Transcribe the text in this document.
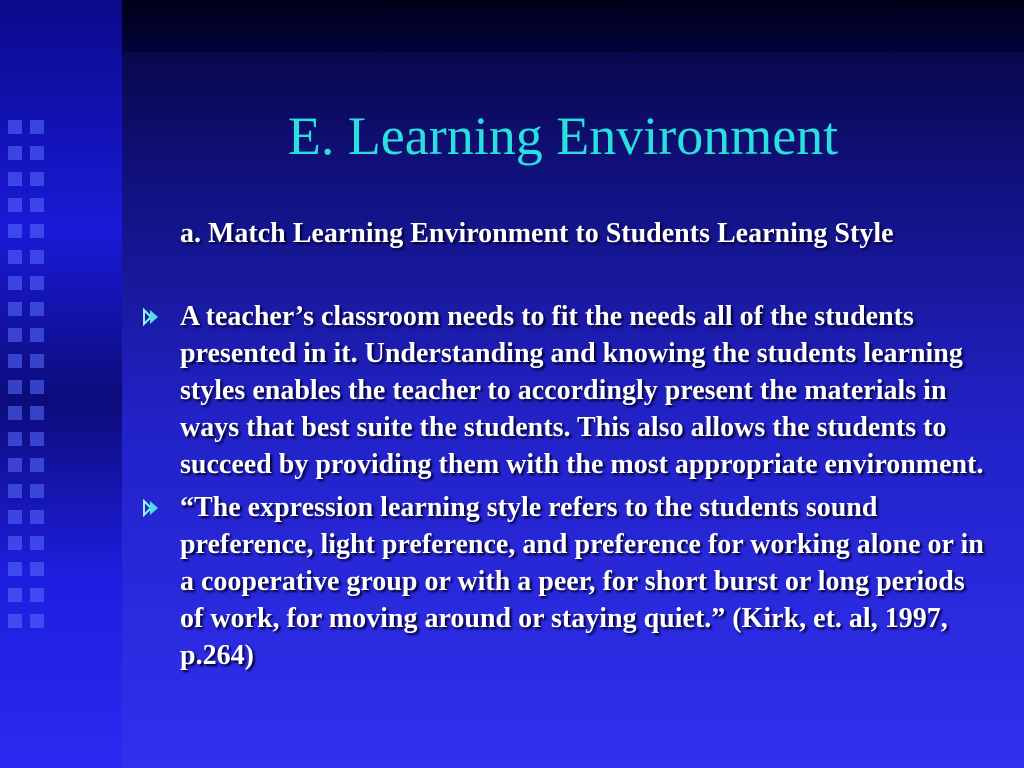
E. Learning Environment
a. Match Learning Environment to Students Learning Style
A teacher’s classroom needs to fit the needs all of the students presented in it. Understanding and knowing the students learning styles enables the teacher to accordingly present the materials in ways that best suite the students. This also allows the students to succeed by providing them with the most appropriate environment.
“The expression learning style refers to the students sound preference, light preference, and preference for working alone or in a cooperative group or with a peer, for short burst or long periods of work, for moving around or staying quiet.” (Kirk, et. al, 1997, p.264)
